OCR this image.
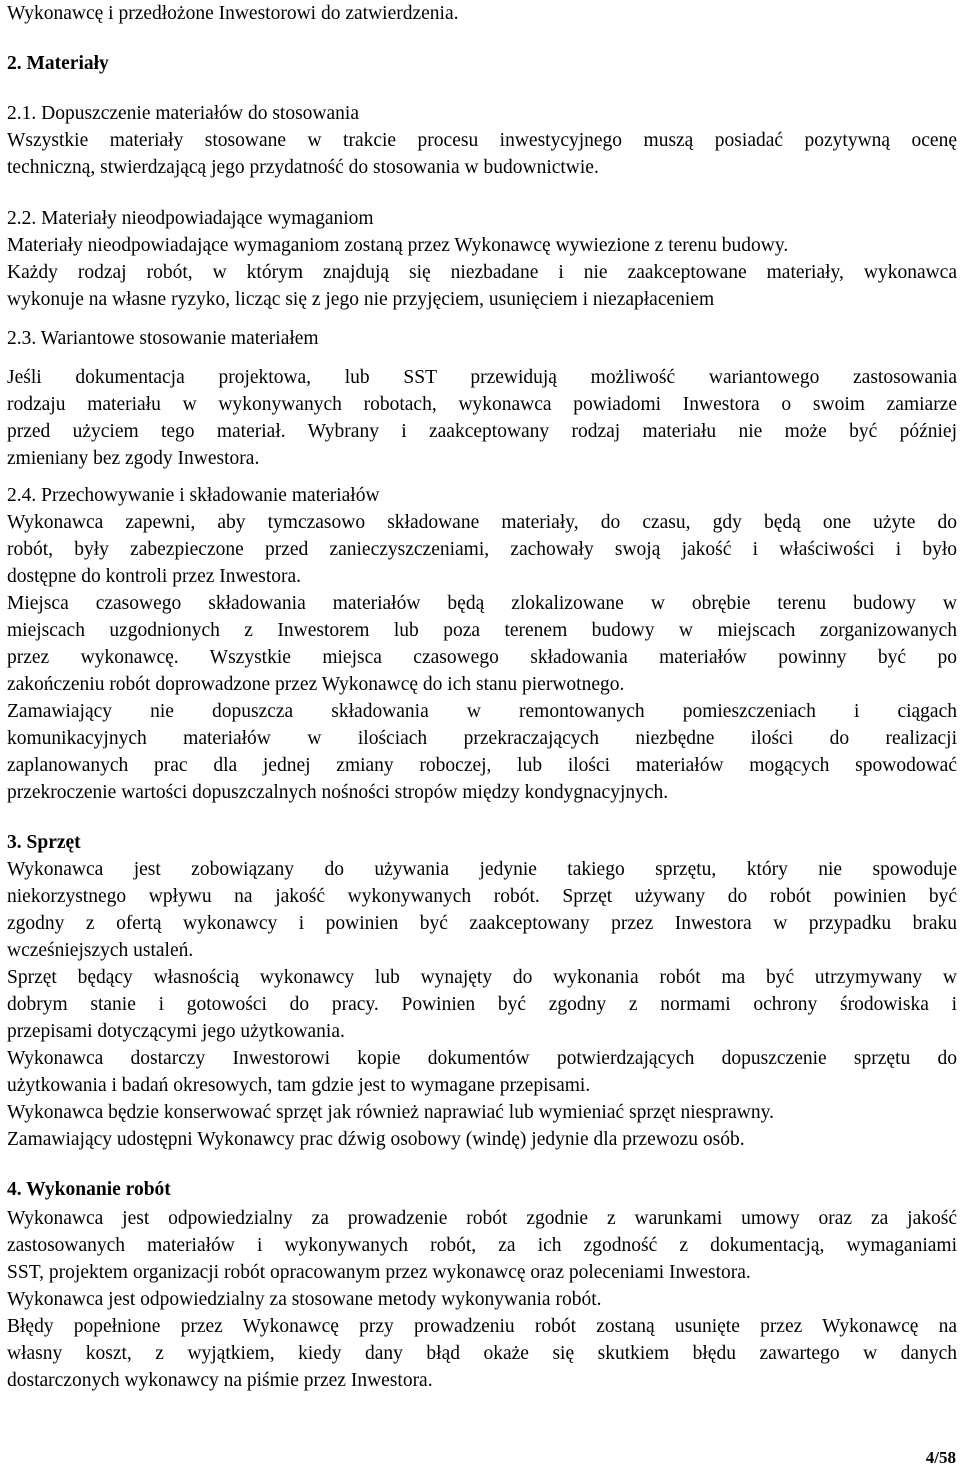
Wykonawcę i przedłożone Inwestorowi do zatwierdzenia.
2. Materiały
2.1. Dopuszczenie materiałów do stosowania
Wszystkie materiały stosowane w trakcie procesu inwestycyjnego muszą posiadać pozytywną ocenę
techniczną, stwierdzającą jego przydatność do stosowania w budownictwie.
2.2. Materiały nieodpowiadające wymaganiom
Materiały nieodpowiadające wymaganiom zostaną przez Wykonawcę wywiezione z terenu budowy.
Każdy rodzaj robót, w którym znajdują się niezbadane i nie zaakceptowane materiały, wykonawca
wykonuje na własne ryzyko, licząc się z jego nie przyjęciem, usunięciem i niezapłaceniem
2.3. Wariantowe stosowanie materiałem
Jeśli dokumentacja projektowa, lub SST przewidują możliwość wariantowego zastosowania
rodzaju materiału w wykonywanych robotach, wykonawca powiadomi Inwestora o swoim zamiarze
przed użyciem tego materiał. Wybrany i zaakceptowany rodzaj materiału nie może być później
zmieniany bez zgody Inwestora.
2.4. Przechowywanie i składowanie materiałów
Wykonawca zapewni, aby tymczasowo składowane materiały, do czasu, gdy będą one użyte do
robót, były zabezpieczone przed zanieczyszczeniami, zachowały swoją jakość i właściwości i było
dostępne do kontroli przez Inwestora.
Miejsca czasowego składowania materiałów będą zlokalizowane w obrębie terenu budowy w
miejscach uzgodnionych z Inwestorem lub poza terenem budowy w miejscach zorganizowanych
przez wykonawcę. Wszystkie miejsca czasowego składowania materiałów powinny być po
zakończeniu robót doprowadzone przez Wykonawcę do ich stanu pierwotnego.
Zamawiający nie dopuszcza składowania w remontowanych pomieszczeniach i ciągach
komunikacyjnych materiałów w ilościach przekraczających niezbędne ilości do realizacji
zaplanowanych prac dla jednej zmiany roboczej, lub ilości materiałów mogących spowodować
przekroczenie wartości dopuszczalnych nośności stropów między kondygnacyjnych.
3. Sprzęt
Wykonawca jest zobowiązany do używania jedynie takiego sprzętu, który nie spowoduje
niekorzystnego wpływu na jakość wykonywanych robót. Sprzęt używany do robót powinien być
zgodny z ofertą wykonawcy i powinien być zaakceptowany przez Inwestora w przypadku braku
wcześniejszych ustaleń.
Sprzęt będący własnością wykonawcy lub wynajęty do wykonania robót ma być utrzymywany w
dobrym stanie i gotowości do pracy. Powinien być zgodny z normami ochrony środowiska i
przepisami dotyczącymi jego użytkowania.
Wykonawca dostarczy Inwestorowi kopie dokumentów potwierdzających dopuszczenie sprzętu do
użytkowania i badań okresowych, tam gdzie jest to wymagane przepisami.
Wykonawca będzie konserwować sprzęt jak również naprawiać lub wymieniać sprzęt niesprawny.
Zamawiający udostępni Wykonawcy prac dźwig osobowy (windę) jedynie dla przewozu osób.
4. Wykonanie robót
Wykonawca jest odpowiedzialny za prowadzenie robót zgodnie z warunkami umowy oraz za jakość
zastosowanych materiałów i wykonywanych robót, za ich zgodność z dokumentacją, wymaganiami
SST, projektem organizacji robót opracowanym przez wykonawcę oraz poleceniami Inwestora.
Wykonawca jest odpowiedzialny za stosowane metody wykonywania robót.
Błędy popełnione przez Wykonawcę przy prowadzeniu robót zostaną usunięte przez Wykonawcę na
własny koszt, z wyjątkiem, kiedy dany błąd okaże się skutkiem błędu zawartego w danych
dostarczonych wykonawcy na piśmie przez Inwestora.
4/58
